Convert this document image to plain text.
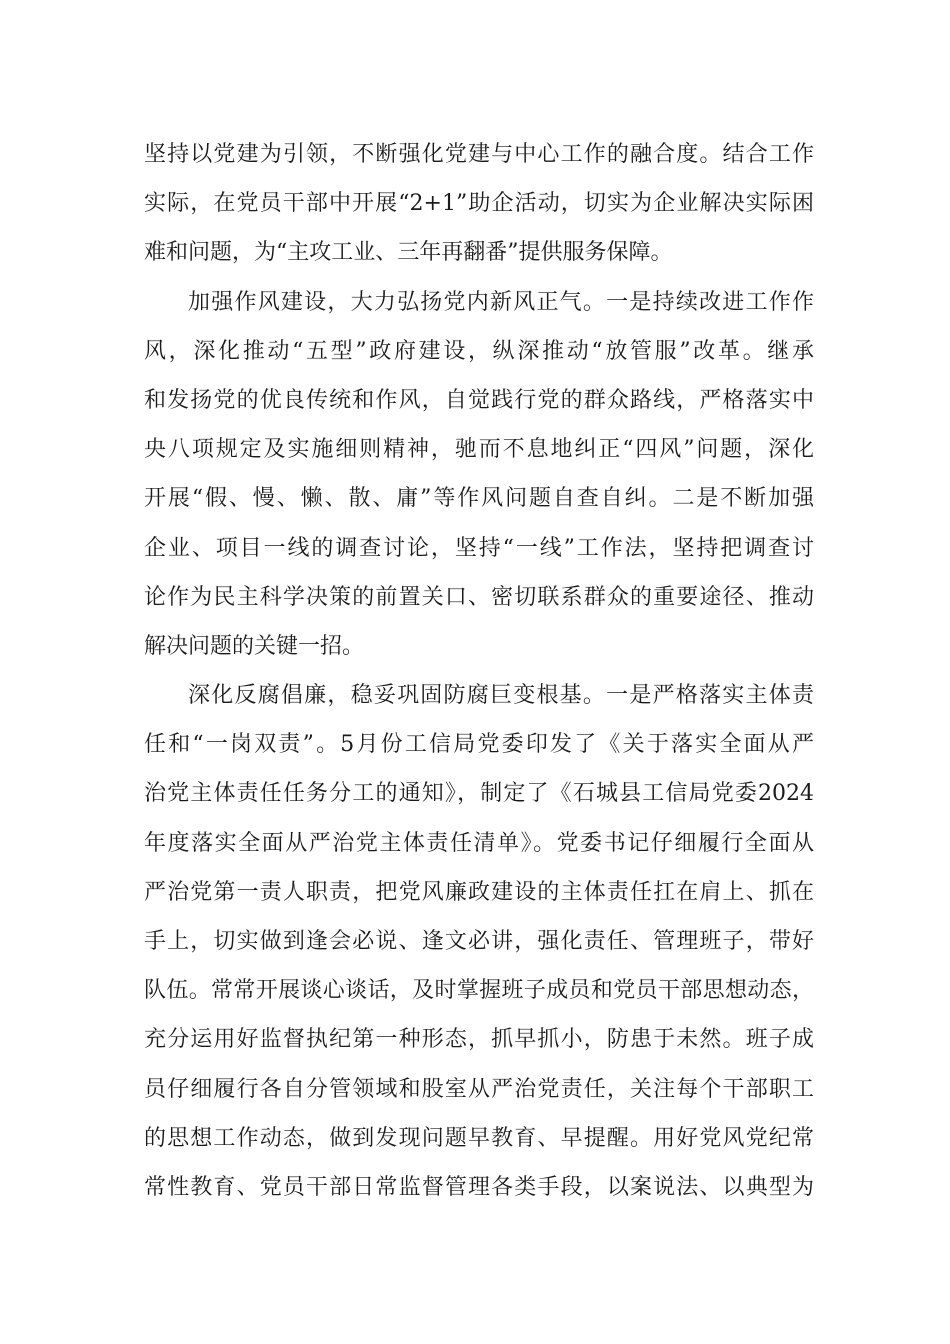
坚持以党建为引领，不断强化党建与中心工作的融合度。结合工作
实际，在党员干部中开展“2+1”助企活动，切实为企业解决实际困
难和问题，为“主攻工业、三年再翻番”提供服务保障。
加强作风建设，大力弘扬党内新风正气。一是持续改进工作作
风，深化推动“五型”政府建设，纵深推动“放管服”改革。继承
和发扬党的优良传统和作风，自觉践行党的群众路线，严格落实中
央八项规定及实施细则精神，驰而不息地纠正“四风”问题，深化
开展“假、慢、懒、散、庸”等作风问题自查自纠。二是不断加强
企业、项目一线的调查讨论，坚持“一线”工作法，坚持把调查讨
论作为民主科学决策的前置关口、密切联系群众的重要途径、推动
解决问题的关键一招。
深化反腐倡廉，稳妥巩固防腐巨变根基。一是严格落实主体责
任和“一岗双责”。5月份工信局党委印发了《关于落实全面从严
治党主体责任任务分工的通知》，制定了《石城县工信局党委2024
年度落实全面从严治党主体责任清单》。党委书记仔细履行全面从
严治党第一责人职责，把党风廉政建设的主体责任扛在肩上、抓在
手上，切实做到逢会必说、逢文必讲，强化责任、管理班子，带好
队伍。常常开展谈心谈话，及时掌握班子成员和党员干部思想动态，
充分运用好监督执纪第一种形态，抓早抓小，防患于未然。班子成
员仔细履行各自分管领域和股室从严治党责任，关注每个干部职工
的思想工作动态，做到发现问题早教育、早提醒。用好党风党纪常
常性教育、党员干部日常监督管理各类手段，以案说法、以典型为
